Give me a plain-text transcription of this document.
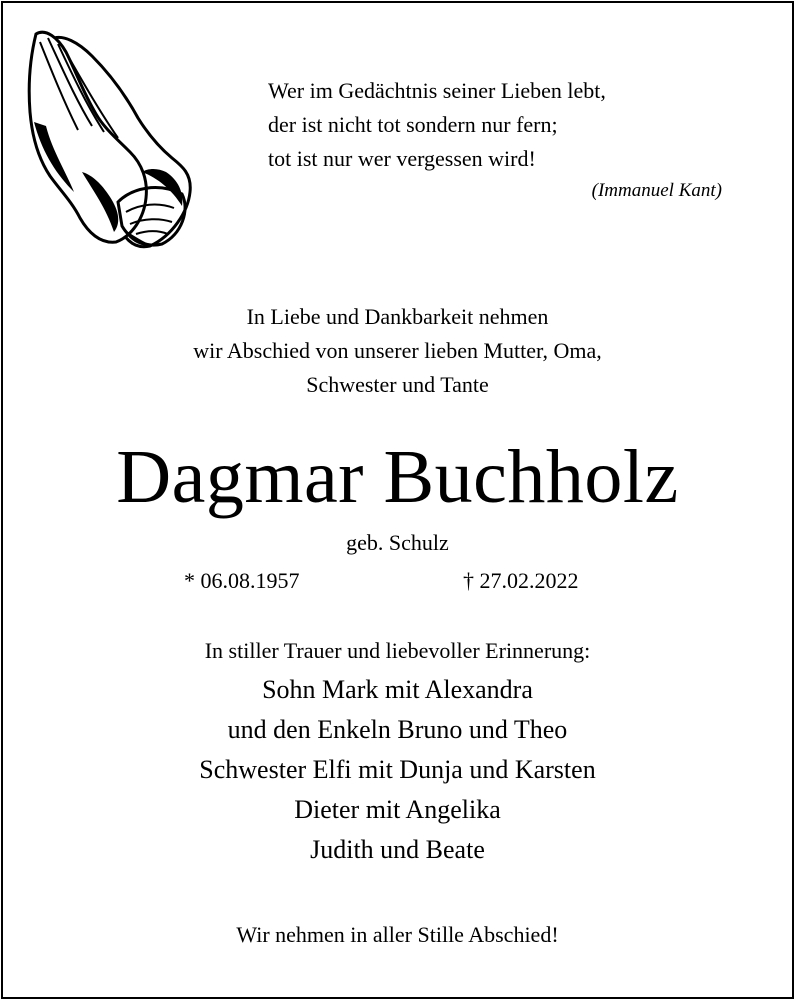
Wer im Gedächtnis seiner Lieben lebt,
der ist nicht tot sondern nur fern;
tot ist nur wer vergessen wird!
(Immanuel Kant)
In Liebe und Dankbarkeit nehmen
wir Abschied von unserer lieben Mutter, Oma,
Schwester und Tante
Dagmar Buchholz
geb. Schulz
* 06.08.1957	† 27.02.2022
In stiller Trauer und liebevoller Erinnerung:
Sohn Mark mit Alexandra
und den Enkeln Bruno und Theo
Schwester Elfi mit Dunja und Karsten
Dieter mit Angelika
Judith und Beate
Wir nehmen in aller Stille Abschied!
